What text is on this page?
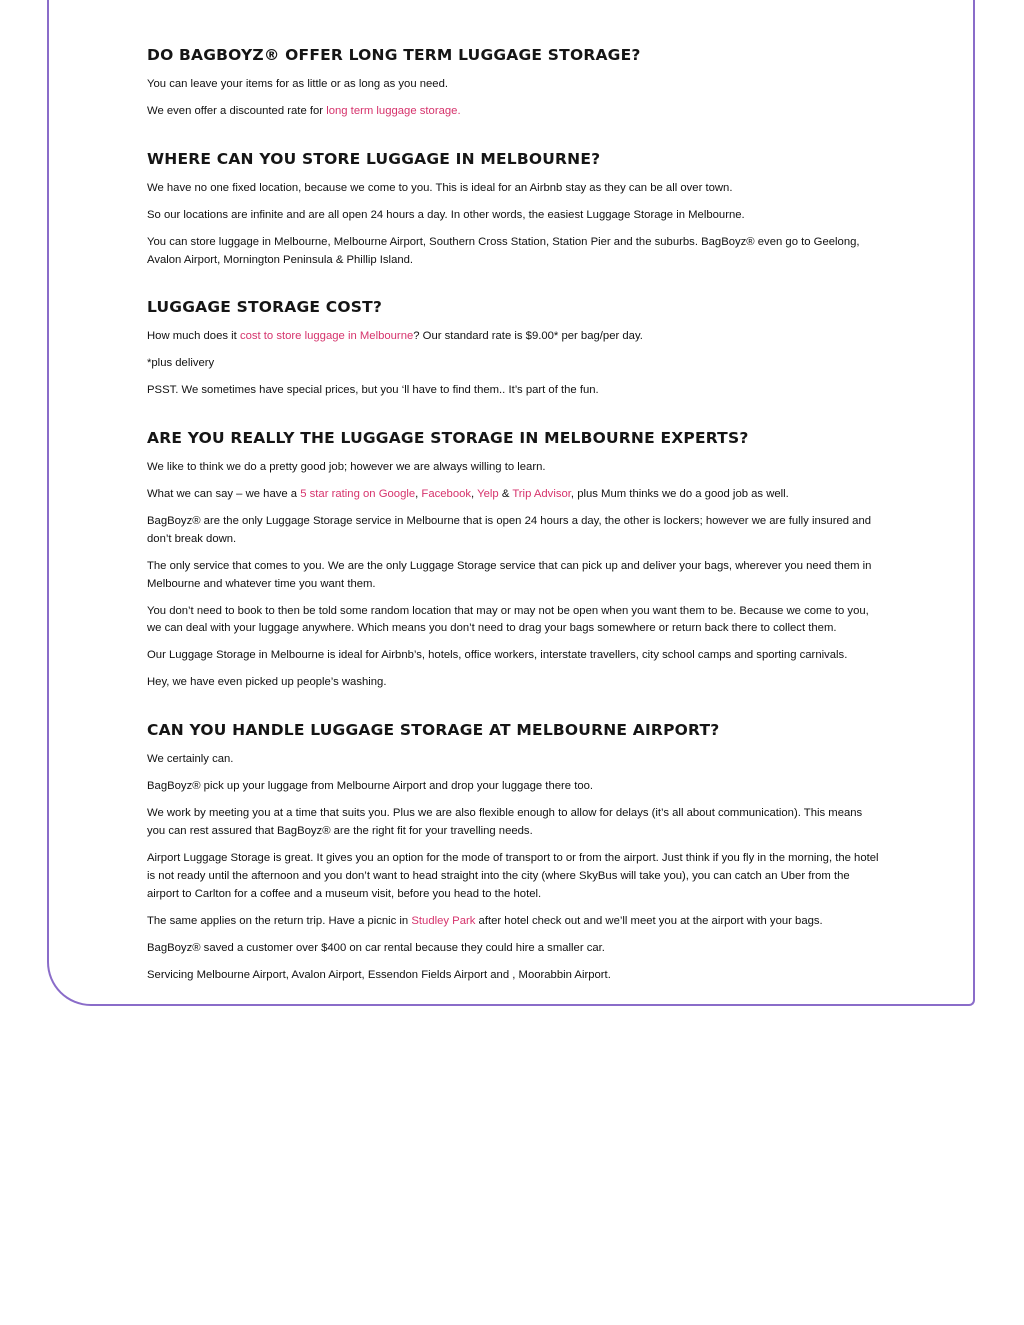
DO BAGBOYZ® OFFER LONG TERM LUGGAGE STORAGE?

You can leave your items for as little or as long as you need.

We even offer a discounted rate for long term luggage storage.

WHERE CAN YOU STORE LUGGAGE IN MELBOURNE?

We have no one fixed location, because we come to you. This is ideal for an Airbnb stay as they can be all over town.

So our locations are infinite and are all open 24 hours a day. In other words, the easiest Luggage Storage in Melbourne.

You can store luggage in Melbourne, Melbourne Airport, Southern Cross Station, Station Pier and the suburbs. BagBoyz® even go to Geelong, Avalon Airport, Mornington Peninsula & Phillip Island.

LUGGAGE STORAGE COST?

How much does it cost to store luggage in Melbourne? Our standard rate is $9.00* per bag/per day.

*plus delivery

PSST. We sometimes have special prices, but you ‘ll have to find them.. It’s part of the fun.

ARE YOU REALLY THE LUGGAGE STORAGE IN MELBOURNE EXPERTS?

We like to think we do a pretty good job; however we are always willing to learn.

What we can say – we have a 5 star rating on Google, Facebook, Yelp & Trip Advisor, plus Mum thinks we do a good job as well.

BagBoyz® are the only Luggage Storage service in Melbourne that is open 24 hours a day, the other is lockers; however we are fully insured and don’t break down.

The only service that comes to you. We are the only Luggage Storage service that can pick up and deliver your bags, wherever you need them in Melbourne and whatever time you want them.

You don’t need to book to then be told some random location that may or may not be open when you want them to be. Because we come to you, we can deal with your luggage anywhere. Which means you don’t need to drag your bags somewhere or return back there to collect them.

Our Luggage Storage in Melbourne is ideal for Airbnb’s, hotels, office workers, interstate travellers, city school camps and sporting carnivals.

Hey, we have even picked up people’s washing.

CAN YOU HANDLE LUGGAGE STORAGE AT MELBOURNE AIRPORT?

We certainly can.

BagBoyz® pick up your luggage from Melbourne Airport and drop your luggage there too.

We work by meeting you at a time that suits you. Plus we are also flexible enough to allow for delays (it’s all about communication). This means you can rest assured that BagBoyz® are the right fit for your travelling needs.

Airport Luggage Storage is great. It gives you an option for the mode of transport to or from the airport. Just think if you fly in the morning, the hotel is not ready until the afternoon and you don’t want to head straight into the city (where SkyBus will take you), you can catch an Uber from the airport to Carlton for a coffee and a museum visit, before you head to the hotel.

The same applies on the return trip. Have a picnic in Studley Park after hotel check out and we’ll meet you at the airport with your bags.

BagBoyz® saved a customer over $400 on car rental because they could hire a smaller car.

Servicing Melbourne Airport, Avalon Airport, Essendon Fields Airport and , Moorabbin Airport.
